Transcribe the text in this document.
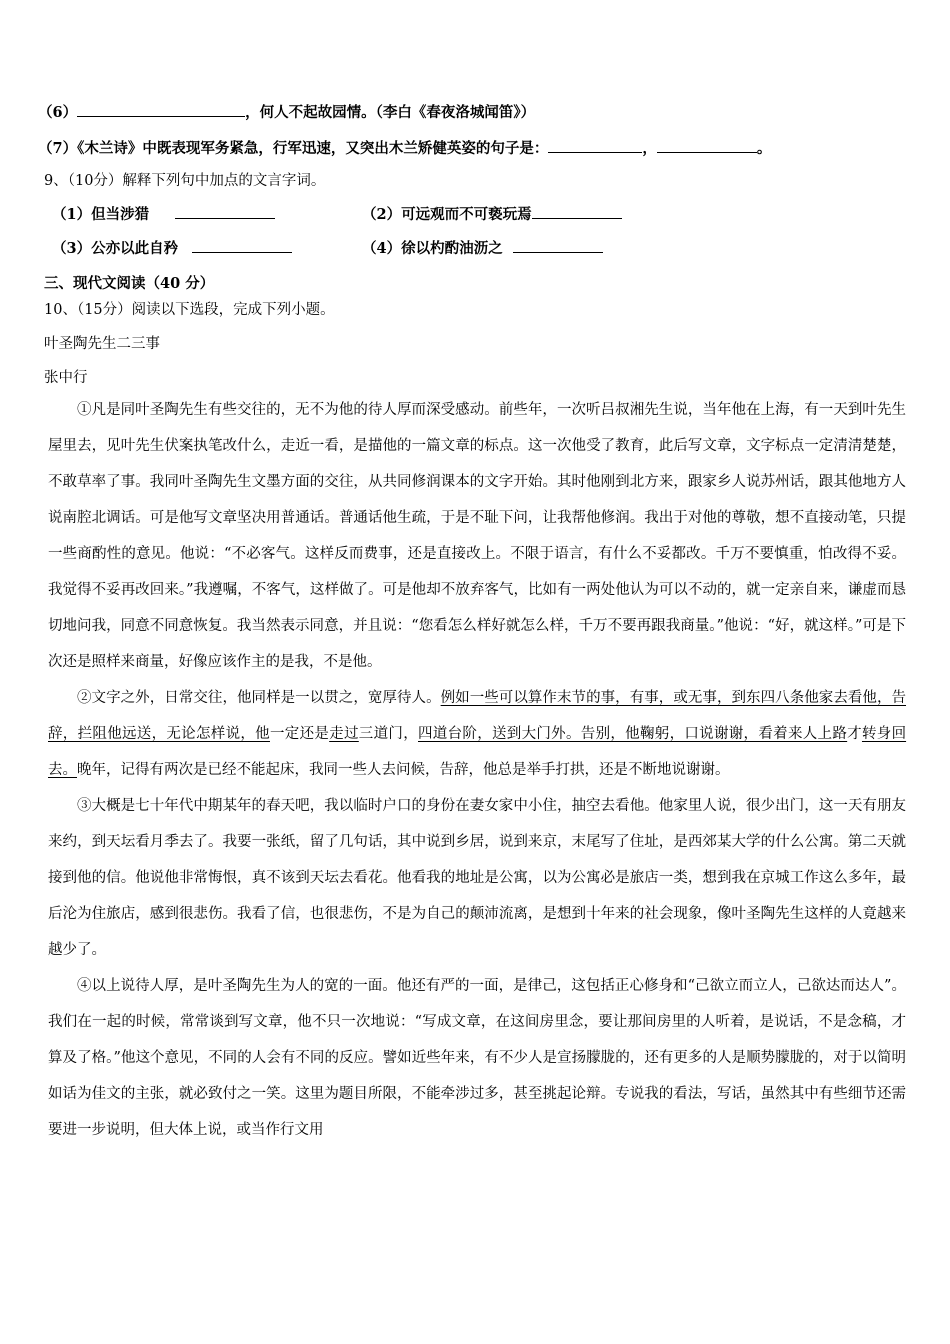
（6）	，何人不起故园情。（李白《春夜洛城闻笛》）
（7）《木兰诗》中既表现军务紧急，行军迅速，又突出木兰矫健英姿的句子是：	，	。
9、（10分）解释下列句中加点的文言字词。
（1）但当涉猎	（2）可远观而不可亵玩焉
（3）公亦以此自矜	（4）徐以杓酌油沥之
三、现代文阅读（40 分）
10、（15分）阅读以下选段，完成下列小题。
叶圣陶先生二三事
张中行

①凡是同叶圣陶先生有些交往的，无不为他的待人厚而深受感动。前些年，一次听吕叔湘先生说，当年他在上海，有一天到叶先生屋里去，见叶先生伏案执笔改什么，走近一看，是描他的一篇文章的标点。这一次他受了教育，此后写文章，文字标点一定清清楚楚，不敢草率了事。我同叶圣陶先生文墨方面的交往，从共同修润课本的文字开始。其时他刚到北方来，跟家乡人说苏州话，跟其他地方人说南腔北调话。可是他写文章坚决用普通话。普通话他生疏，于是不耻下问，让我帮他修润。我出于对他的尊敬，想不直接动笔，只提一些商酌性的意见。他说：“不必客气。这样反而费事，还是直接改上。不限于语言，有什么不妥都改。千万不要慎重，怕改得不妥。我觉得不妥再改回来。”我遵嘱，不客气，这样做了。可是他却不放弃客气，比如有一两处他认为可以不动的，就一定亲自来，谦虚而恳切地问我，同意不同意恢复。我当然表示同意，并且说：“您看怎么样好就怎么样，千万不要再跟我商量。”他说：“好，就这样。”可是下次还是照样来商量，好像应该作主的是我，不是他。

②文字之外，日常交往，他同样是一以贯之，宽厚待人。例如一些可以算作末节的事，有事，或无事，到东四八条他家去看他，告辞，拦阻他远送，无论怎样说，他一定还是走过三道门，四道台阶，送到大门外。告别，他鞠躬，口说谢谢，看着来人上路才转身回去。晚年，记得有两次是已经不能起床，我同一些人去问候，告辞，他总是举手打拱，还是不断地说谢谢。

③大概是七十年代中期某年的春天吧，我以临时户口的身份在妻女家中小住，抽空去看他。他家里人说，很少出门，这一天有朋友来约，到天坛看月季去了。我要一张纸，留了几句话，其中说到乡居，说到来京，末尾写了住址，是西郊某大学的什么公寓。第二天就接到他的信。他说他非常悔恨，真不该到天坛去看花。他看我的地址是公寓，以为公寓必是旅店一类，想到我在京城工作这么多年，最后沦为住旅店，感到很悲伤。我看了信，也很悲伤，不是为自己的颠沛流离，是想到十年来的社会现象，像叶圣陶先生这样的人竟越来越少了。

④以上说待人厚，是叶圣陶先生为人的宽的一面。他还有严的一面，是律己，这包括正心修身和“己欲立而立人，己欲达而达人”。我们在一起的时候，常常谈到写文章，他不只一次地说：“写成文章，在这间房里念，要让那间房里的人听着，是说话，不是念稿，才算及了格。”他这个意见，不同的人会有不同的反应。譬如近些年来，有不少人是宣扬朦胧的，还有更多的人是顺势朦胧的，对于以简明如话为佳文的主张，就必致付之一笑。这里为题目所限，不能牵涉过多，甚至挑起论辩。专说我的看法，写话，虽然其中有些细节还需要进一步说明，但大体上说，或当作行文用
